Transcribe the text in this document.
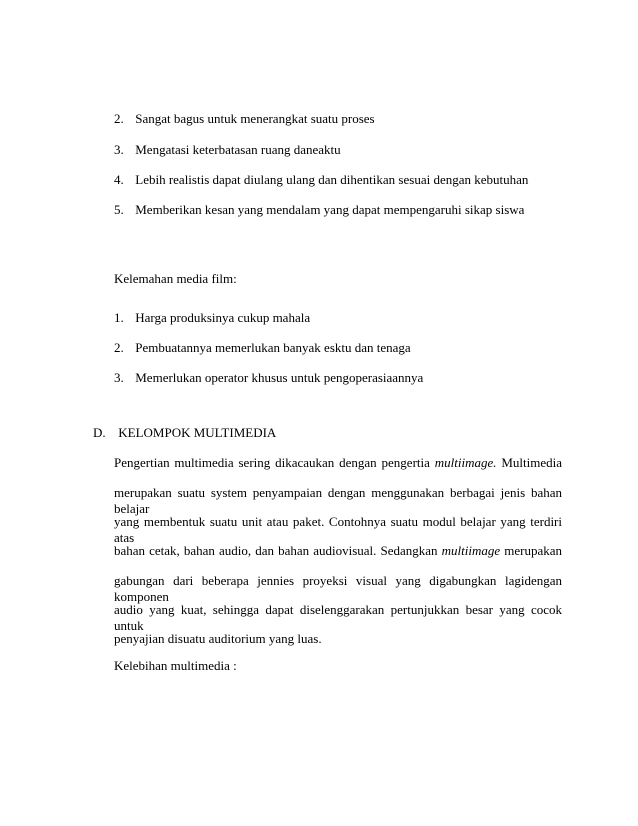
2. Sangat bagus untuk menerangkat suatu proses
3. Mengatasi keterbatasan ruang daneaktu
4. Lebih realistis dapat diulang ulang dan dihentikan sesuai dengan kebutuhan
5. Memberikan kesan yang mendalam yang dapat mempengaruhi sikap siswa
Kelemahan media film:
1. Harga produksinya cukup mahala
2. Pembuatannya memerlukan banyak esktu dan tenaga
3. Memerlukan operator khusus untuk pengoperasiaannya
D. KELOMPOK MULTIMEDIA
Pengertian multimedia sering dikacaukan dengan pengertia multiimage. Multimedia
merupakan suatu system penyampaian dengan menggunakan berbagai jenis bahan belajar
yang membentuk suatu unit atau paket. Contohnya suatu modul belajar yang terdiri atas
bahan cetak, bahan audio, dan bahan audiovisual. Sedangkan multiimage merupakan
gabungan dari beberapa jennies proyeksi visual yang digabungkan lagidengan komponen
audio yang kuat, sehingga dapat diselenggarakan pertunjukkan besar yang cocok untuk
penyajian disuatu auditorium yang luas.
Kelebihan multimedia :
